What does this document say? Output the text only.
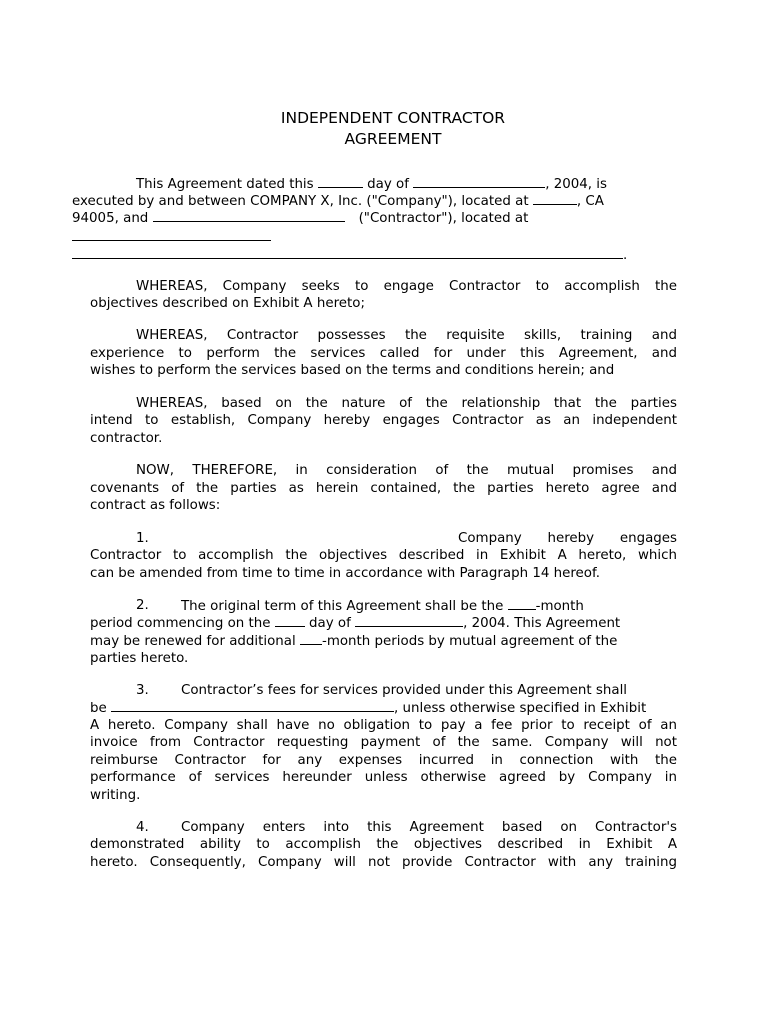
INDEPENDENT CONTRACTOR
AGREEMENT
This Agreement dated this	day of	, 2004, is
executed by and between COMPANY X, Inc. ("Company"), located at	, CA
94005, and	("Contractor"), located at
.
WHEREAS, Company seeks to engage Contractor to accomplish the
objectives described on Exhibit A hereto;
WHEREAS, Contractor possesses the requisite skills, training and
experience to perform the services called for under this Agreement, and
wishes to perform the services based on the terms and conditions herein; and
WHEREAS, based on the nature of the relationship that the parties
intend to establish, Company hereby engages Contractor as an independent
contractor.
NOW, THEREFORE, in consideration of the mutual promises and
covenants of the parties as herein contained, the parties hereto agree and
contract as follows:
1.	Company hereby engages
Contractor to accomplish the objectives described in Exhibit A hereto, which
can be amended from time to time in accordance with Paragraph 14 hereof.
2. The original term of this Agreement shall be the -month
period commencing on the  day of	, 2004. This Agreement
may be renewed for additional -month periods by mutual agreement of the
parties hereto.
3. Contractor’s fees for services provided under this Agreement shall
be	, unless otherwise specified in Exhibit
A hereto. Company shall have no obligation to pay a fee prior to receipt of an
invoice from Contractor requesting payment of the same. Company will not
reimburse Contractor for any expenses incurred in connection with the
performance of services hereunder unless otherwise agreed by Company in
writing.
4. Company enters into this Agreement based on Contractor's
demonstrated ability to accomplish the objectives described in Exhibit A
hereto. Consequently, Company will not provide Contractor with any training
